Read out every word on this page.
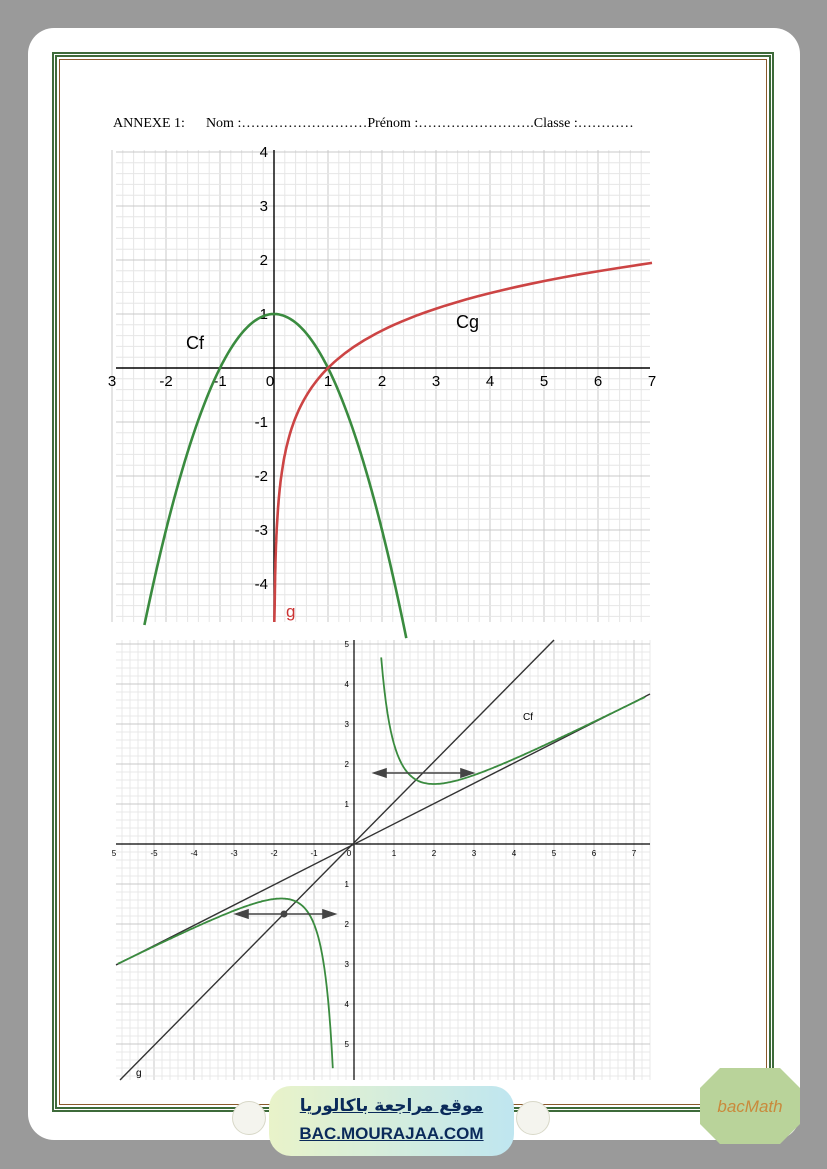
ANNEXE 1: Nom :………………………Prénom :…………………….Classe :…………
3	-2	-1	0	1	2	3	4	5	6	7
3
2
1
-1
-2
-3
-4
4
Cf
Cg
g
5	-5	-4	-3	-2	-1	0	1	2	3	4	5	6	7
5
4
3
2
1
1
2
3
4
5
Cf
g
موقع مراجعة باكالوريا
BAC.MOURAJAA.COM
bacMath
